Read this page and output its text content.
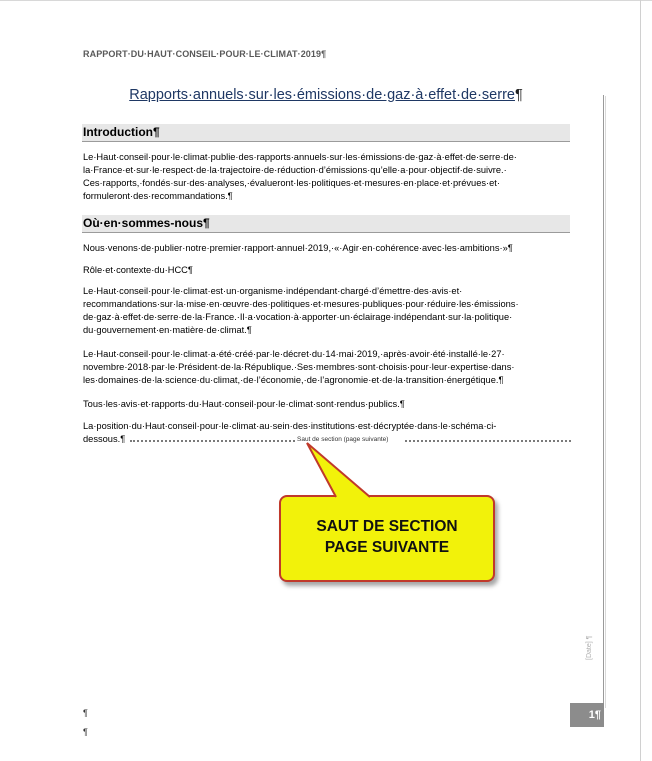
RAPPORT·DU·HAUT·CONSEIL·POUR·LE·CLIMAT·2019¶
Rapports·annuels·sur·les·émissions·de·gaz·à·effet·de·serre¶
Introduction¶
Le·Haut·conseil·pour·le·climat·publie·des·rapports·annuels·sur·les·émissions·de·gaz·à·effet·de·serre·de·
la·France·et·sur·le·respect·de·la·trajectoire·de·réduction·d’émissions·qu’elle·a·pour·objectif·de·suivre.·
Ces·rapports,·fondés·sur·des·analyses,·évalueront·les·politiques·et·mesures·en·place·et·prévues·et·
formuleront·des·recommandations.¶
Où·en·sommes-nous¶
Nous·venons·de·publier·notre·premier·rapport·annuel·2019,·«·Agir·en·cohérence·avec·les·ambitions·»¶
Rôle·et·contexte·du·HCC¶
Le·Haut·conseil·pour·le·climat·est·un·organisme·indépendant·chargé·d’émettre·des·avis·et·
recommandations·sur·la·mise·en·œuvre·des·politiques·et·mesures·publiques·pour·réduire·les·émissions·
de·gaz·à·effet·de·serre·de·la·France.·Il·a·vocation·à·apporter·un·éclairage·indépendant·sur·la·politique·
du·gouvernement·en·matière·de·climat.¶
Le·Haut·conseil·pour·le·climat·a·été·créé·par·le·décret·du·14·mai·2019,·après·avoir·été·installé·le·27·
novembre·2018·par·le·Président·de·la·République.·Ses·membres·sont·choisis·pour·leur·expertise·dans·
les·domaines·de·la·science·du·climat,·de·l’économie,·de·l’agronomie·et·de·la·transition·énergétique.¶
Tous·les·avis·et·rapports·du·Haut·conseil·pour·le·climat·sont·rendus·publics.¶
La·position·du·Haut·conseil·pour·le·climat·au·sein·des·institutions·est·décryptée·dans·le·schéma·ci-
dessous.¶	Saut de section (page suivante)
SAUT DE SECTION
PAGE SUIVANTE
[Date] ¶
1¶
¶
¶
